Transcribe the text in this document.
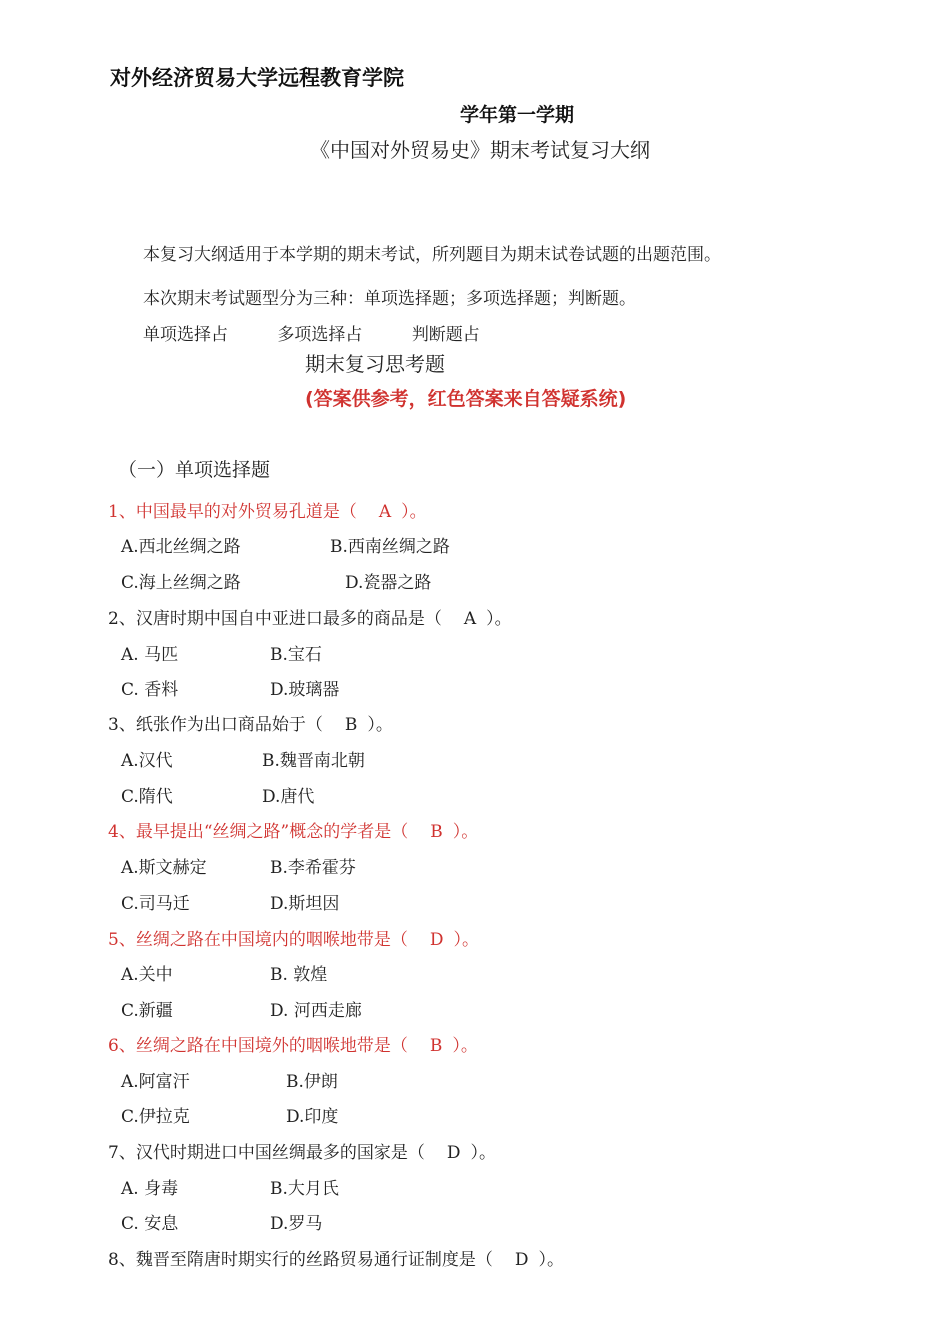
对外经济贸易大学远程教育学院
学年第一学期
《中国对外贸易史》期末考试复习大纲
本复习大纲适用于本学期的期末考试，所列题目为期末试卷试题的出题范围。
本次期末考试题型分为三种：单项选择题；多项选择题；判断题。
单项选择占	多项选择占	判断题占
期末复习思考题
(答案供参考，红色答案来自答疑系统)
（一）单项选择题
1、中国最早的对外贸易孔道是（ A ）。
A.西北丝绸之路	B.西南丝绸之路
C.海上丝绸之路	D.瓷器之路
2、汉唐时期中国自中亚进口最多的商品是（ A ）。
A. 马匹	B.宝石
C. 香料	D.玻璃器
3、纸张作为出口商品始于（ B ）。
A.汉代	B.魏晋南北朝
C.隋代	D.唐代
4、最早提出“丝绸之路”概念的学者是（ B ）。
A.斯文赫定	B.李希霍芬
C.司马迁	D.斯坦因
5、丝绸之路在中国境内的咽喉地带是（ D ）。
A.关中	B. 敦煌
C.新疆	D. 河西走廊
6、丝绸之路在中国境外的咽喉地带是（ B ）。
A.阿富汗	B.伊朗
C.伊拉克	D.印度
7、汉代时期进口中国丝绸最多的国家是（ D ）。
A. 身毒	B.大月氏
C. 安息	D.罗马
8、魏晋至隋唐时期实行的丝路贸易通行证制度是（ D ）。
